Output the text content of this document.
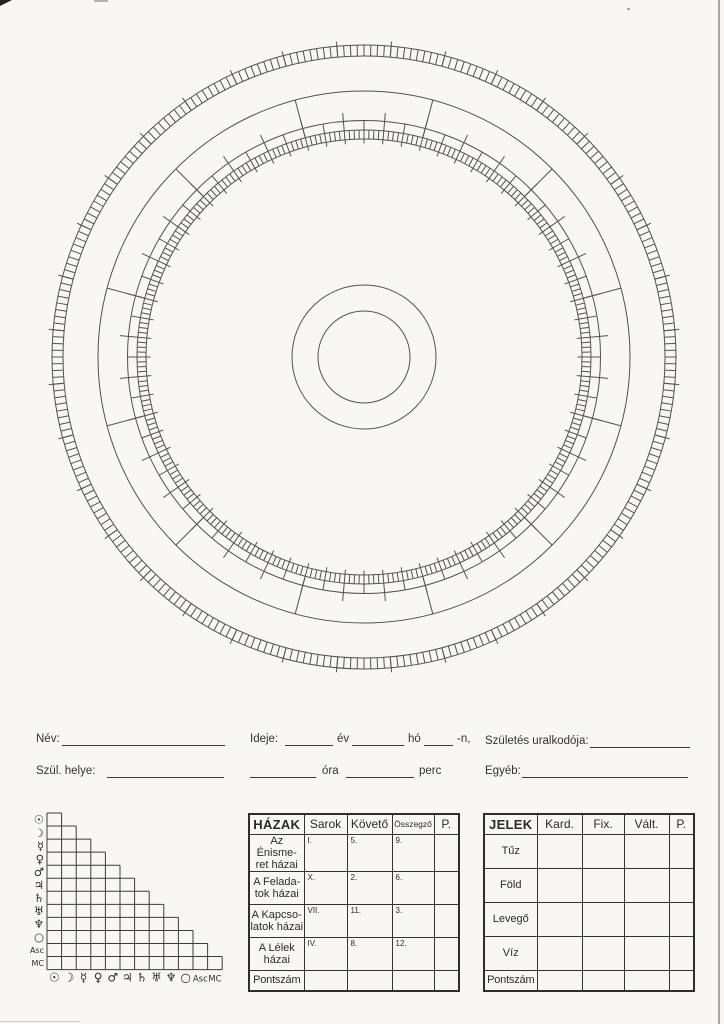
Név:	Ideje:	év	hó	-n, Születés uralkodója:
Szül. helye:	óra	perc	Egyéb:
☉
☽
☿
♀
♂
♃
♄
♅
♆
○
Asc
MC
☉ ☽ ☿ ♀ ♂ ♃ ♄ ♅ ♆ ○ Asc MC
HÁZAK	Sarok	Követő	Összegző	P.
Az Énisme-
ret házai	I.	5.	9.	

A Felada-
tok házai	X.	2.	6.	

A Kapcso-
latok házai	VII.	11.	3.	

A Lélek
házai	IV.	8.	12.	

Pontszám				
JELEK	Kard.	Fix.	Vált.	P.
Tűz				
Föld				
Levegő				
Víz				
Pontszám				
